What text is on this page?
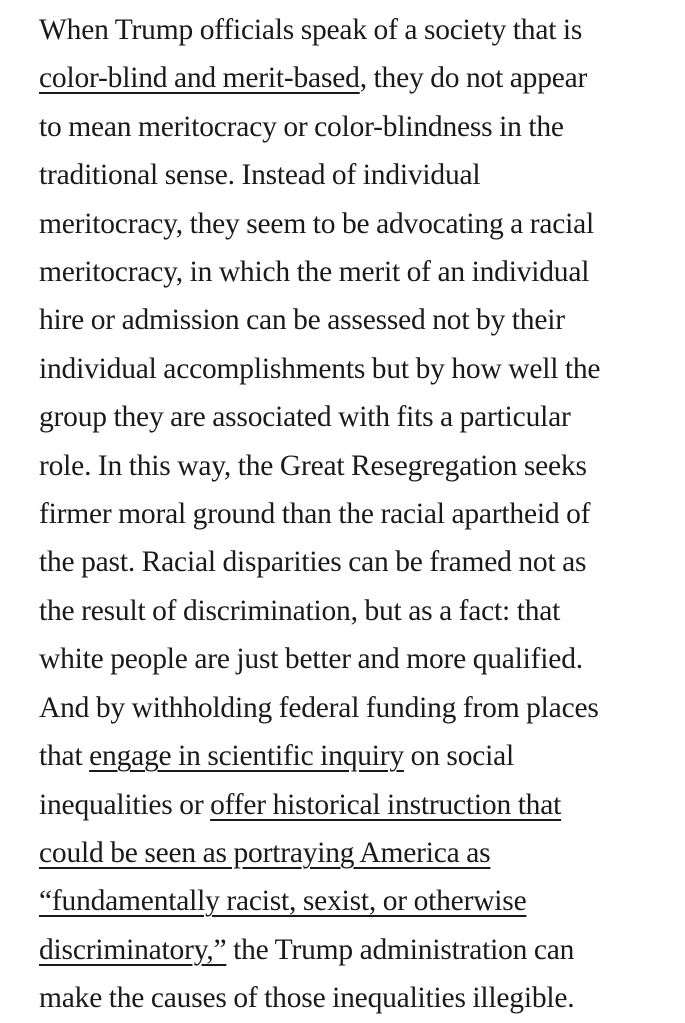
When Trump officials speak of a society that is
color-blind and merit-based, they do not appear
to mean meritocracy or color-blindness in the
traditional sense. Instead of individual
meritocracy, they seem to be advocating a racial
meritocracy, in which the merit of an individual
hire or admission can be assessed not by their
individual accomplishments but by how well the
group they are associated with fits a particular
role. In this way, the Great Resegregation seeks
firmer moral ground than the racial apartheid of
the past. Racial disparities can be framed not as
the result of discrimination, but as a fact: that
white people are just better and more qualified.
And by withholding federal funding from places
that engage in scientific inquiry on social
inequalities or offer historical instruction that
could be seen as portraying America as
“fundamentally racist, sexist, or otherwise
discriminatory,” the Trump administration can
make the causes of those inequalities illegible.
